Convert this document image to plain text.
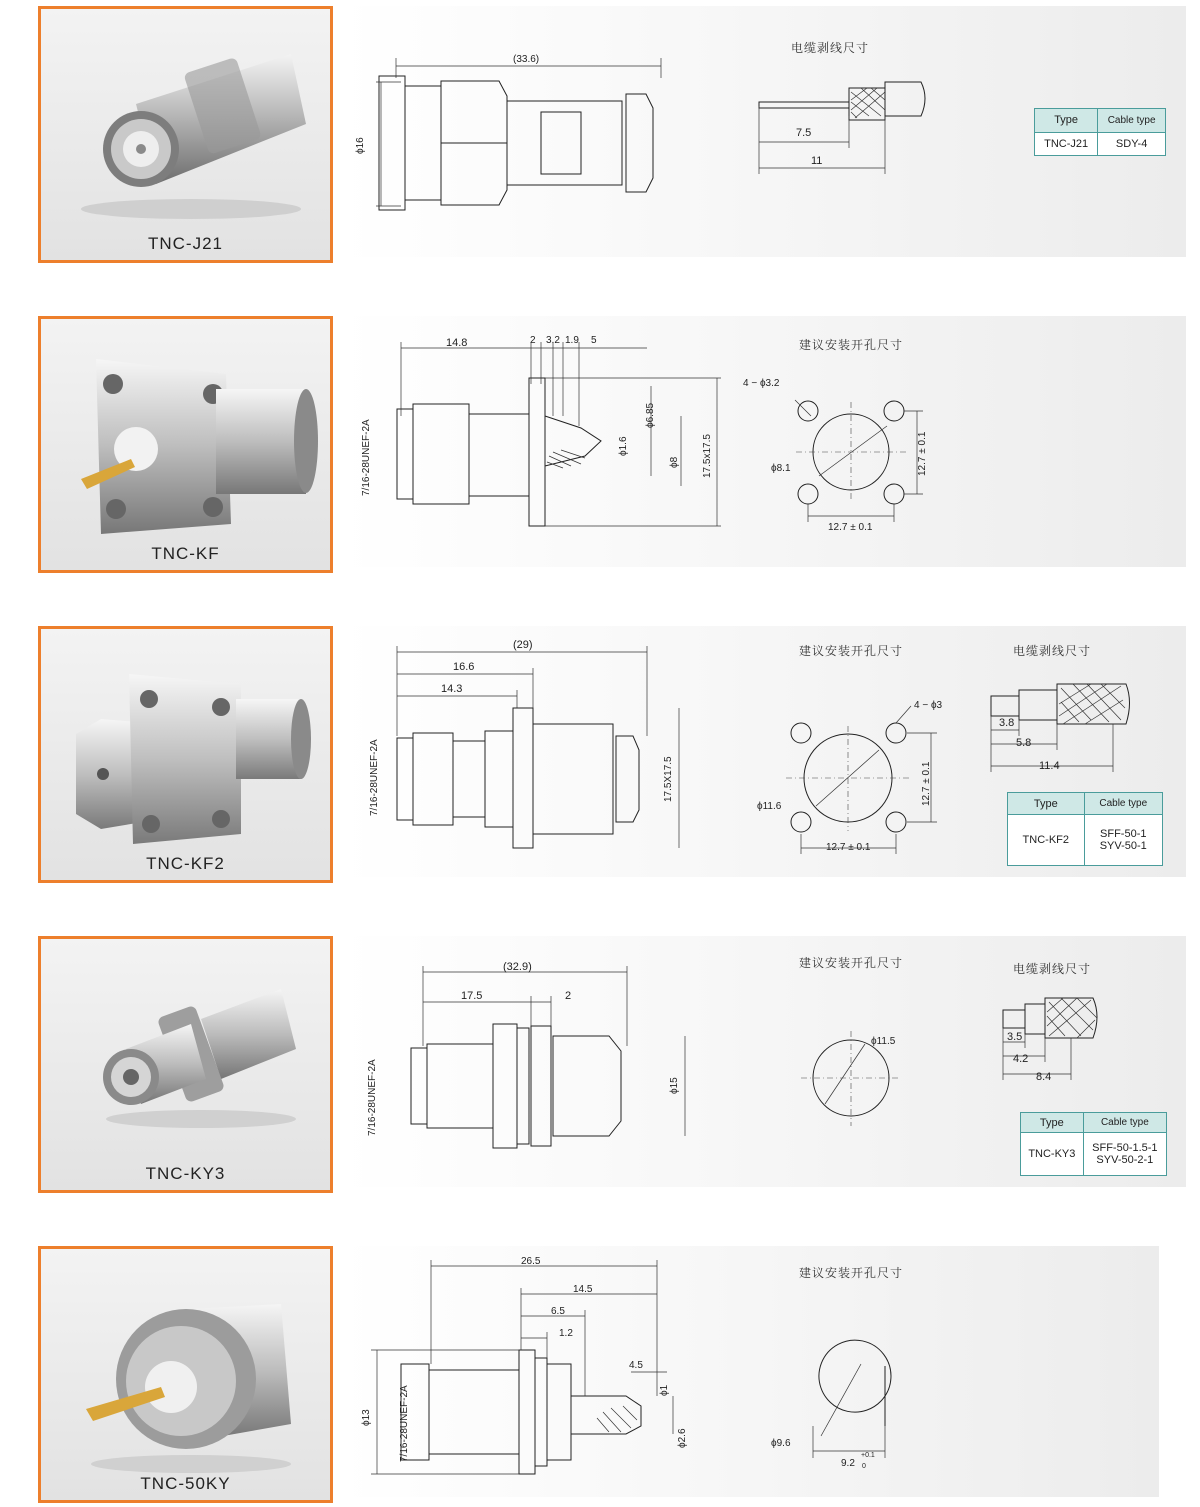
TNC-J21
(33.6)
ϕ16
7.5
11
电缆剥线尺寸
Type	Cable type
TNC-J21	SDY-4
TNC-KF
14.8	2 3.2 1.9 5
ϕ6.85
ϕ1.6
ϕ8 17.5x17.5
7/16-28UNEF-2A
4 − ϕ3.2
ϕ8.1
12.7 ± 0.1
12.7 ± 0.1
建议安装开孔尺寸
TNC-KF2
(29)
16.6
14.3
17.5X17.5
7/16-28UNEF-2A
4 − ϕ3
ϕ11.6
12.7 ± 0.1
12.7 ± 0.1
3.8
5.8
11.4
建议安装开孔尺寸	电缆剥线尺寸
Type	Cable type
TNC-KF2	SFF-50-1
SYV-50-1
TNC-KY3
(32.9)
17.5	2
ϕ15
7/16-28UNEF-2A
ϕ11.5	3.5
4.2
8.4
建议安装开孔尺寸	电缆剥线尺寸
Type	Cable type
TNC-KY3	SFF-50-1.5-1
SYV-50-2-1
TNC-50KY
26.5
14.5
6.5
1.2
4.5
ϕ13
ϕ1
ϕ2.6
7/16-28UNEF-2A	ϕ9.6
9.2
+0.1
0
建议安装开孔尺寸
